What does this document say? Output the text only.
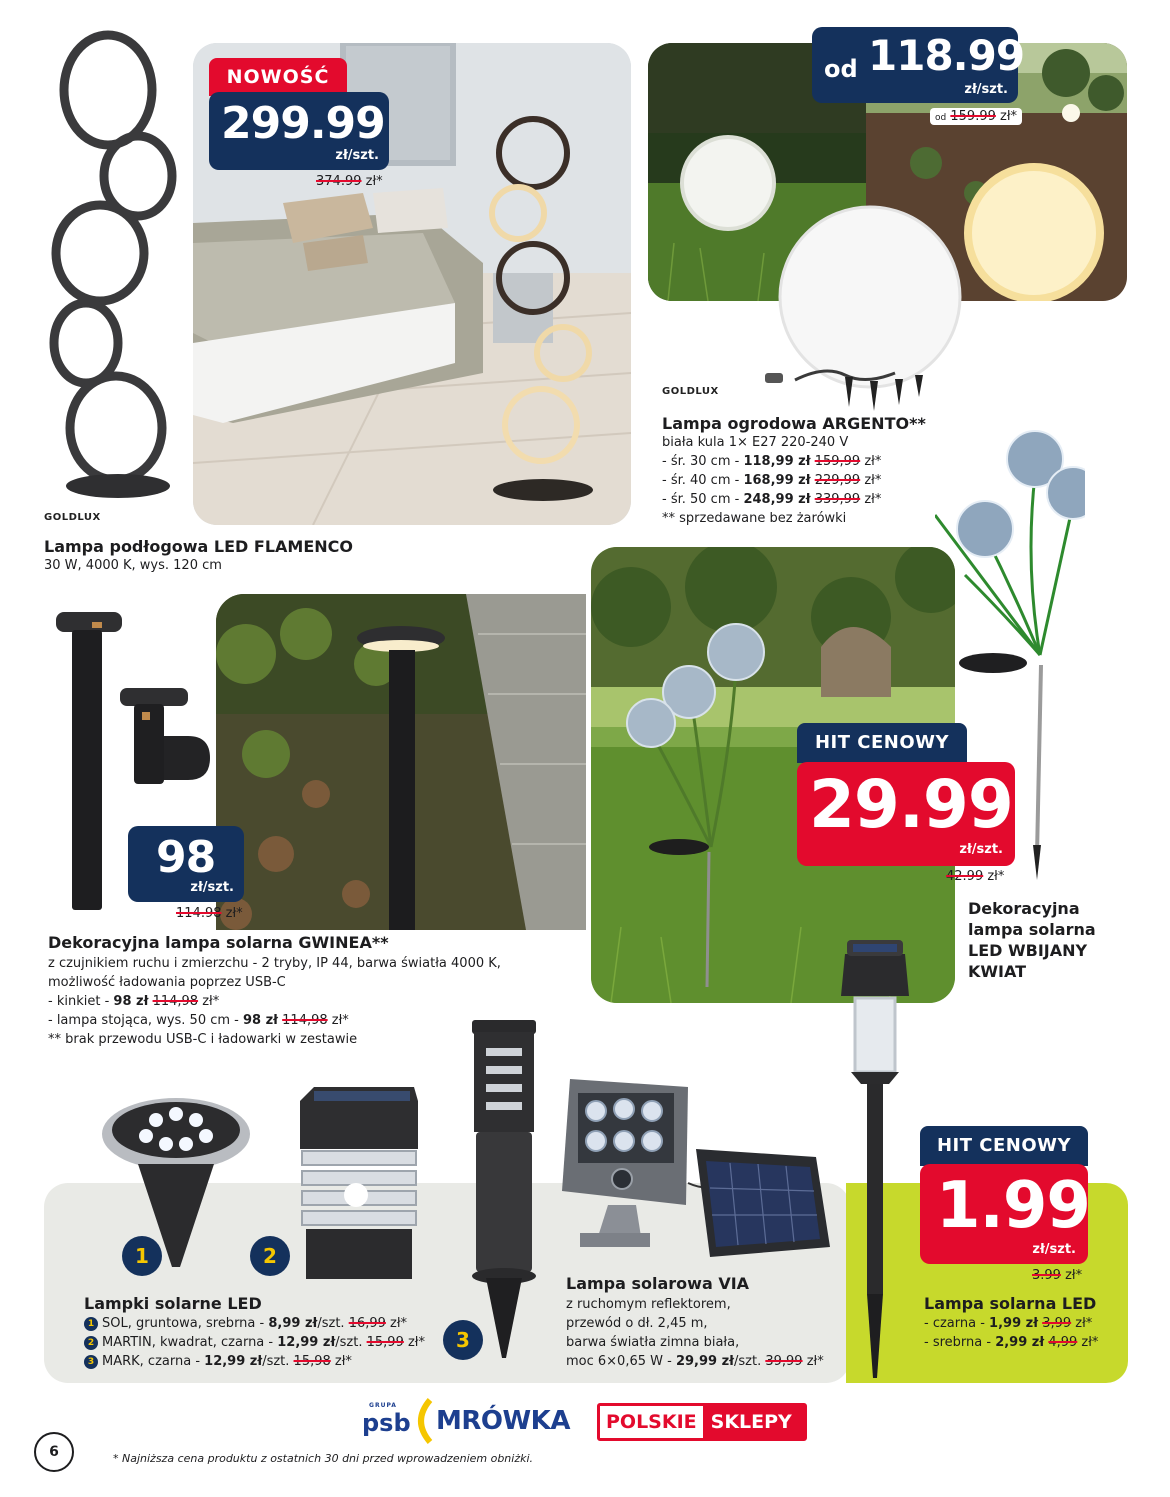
GOLDLUX
NOWOŚĆ
299.99
zł/szt.
374.99 zł*
Lampa podłogowa LED FLAMENCO
30 W, 4000 K, wys. 120 cm
od 118.99
zł/szt.
od 159.99 zł*
GOLDLUX
Lampa ogrodowa ARGENTO**
biała kula 1× E27 220-240 V
- śr. 30 cm - 118,99 zł 159,99 zł*
- śr. 40 cm - 168,99 zł 229,99 zł*
- śr. 50 cm - 248,99 zł 339,99 zł*
** sprzedawane bez żarówki
98
zł/szt.
114.98 zł*
Dekoracyjna lampa solarna GWINEA**
z czujnikiem ruchu i zmierzchu - 2 tryby, IP 44, barwa światła 4000 K,
możliwość ładowania poprzez USB-C
- kinkiet - 98 zł 114,98 zł*
- lampa stojąca, wys. 50 cm - 98 zł 114,98 zł*
** brak przewodu USB-C i ładowarki w zestawie
HIT CENOWY
29.99
zł/szt.
42.99 zł*
Dekoracyjna
lampa solarna
LED WBIJANY
KWIAT
1	2
3
Lampki solarne LED
1 SOL, gruntowa, srebrna - 8,99 zł/szt. 16,99 zł*
2 MARTIN, kwadrat, czarna - 12,99 zł/szt. 15,99 zł*
3 MARK, czarna - 12,99 zł/szt. 15,98 zł*
Lampa solarowa VIA
z ruchomym reflektorem,
przewód o dł. 2,45 m,
barwa światła zimna biała,
moc 6×0,65 W - 29,99 zł/szt. 39,99 zł*
HIT CENOWY
1.99
zł/szt.
3.99 zł*
Lampa solarna LED
- czarna - 1,99 zł 3,99 zł*
- srebrna - 2,99 zł 4,99 zł*
GRUPA
psb MRÓWKA	POLSKIE SKLEPY
6	* Najniższa cena produktu z ostatnich 30 dni przed wprowadzeniem obniżki.
